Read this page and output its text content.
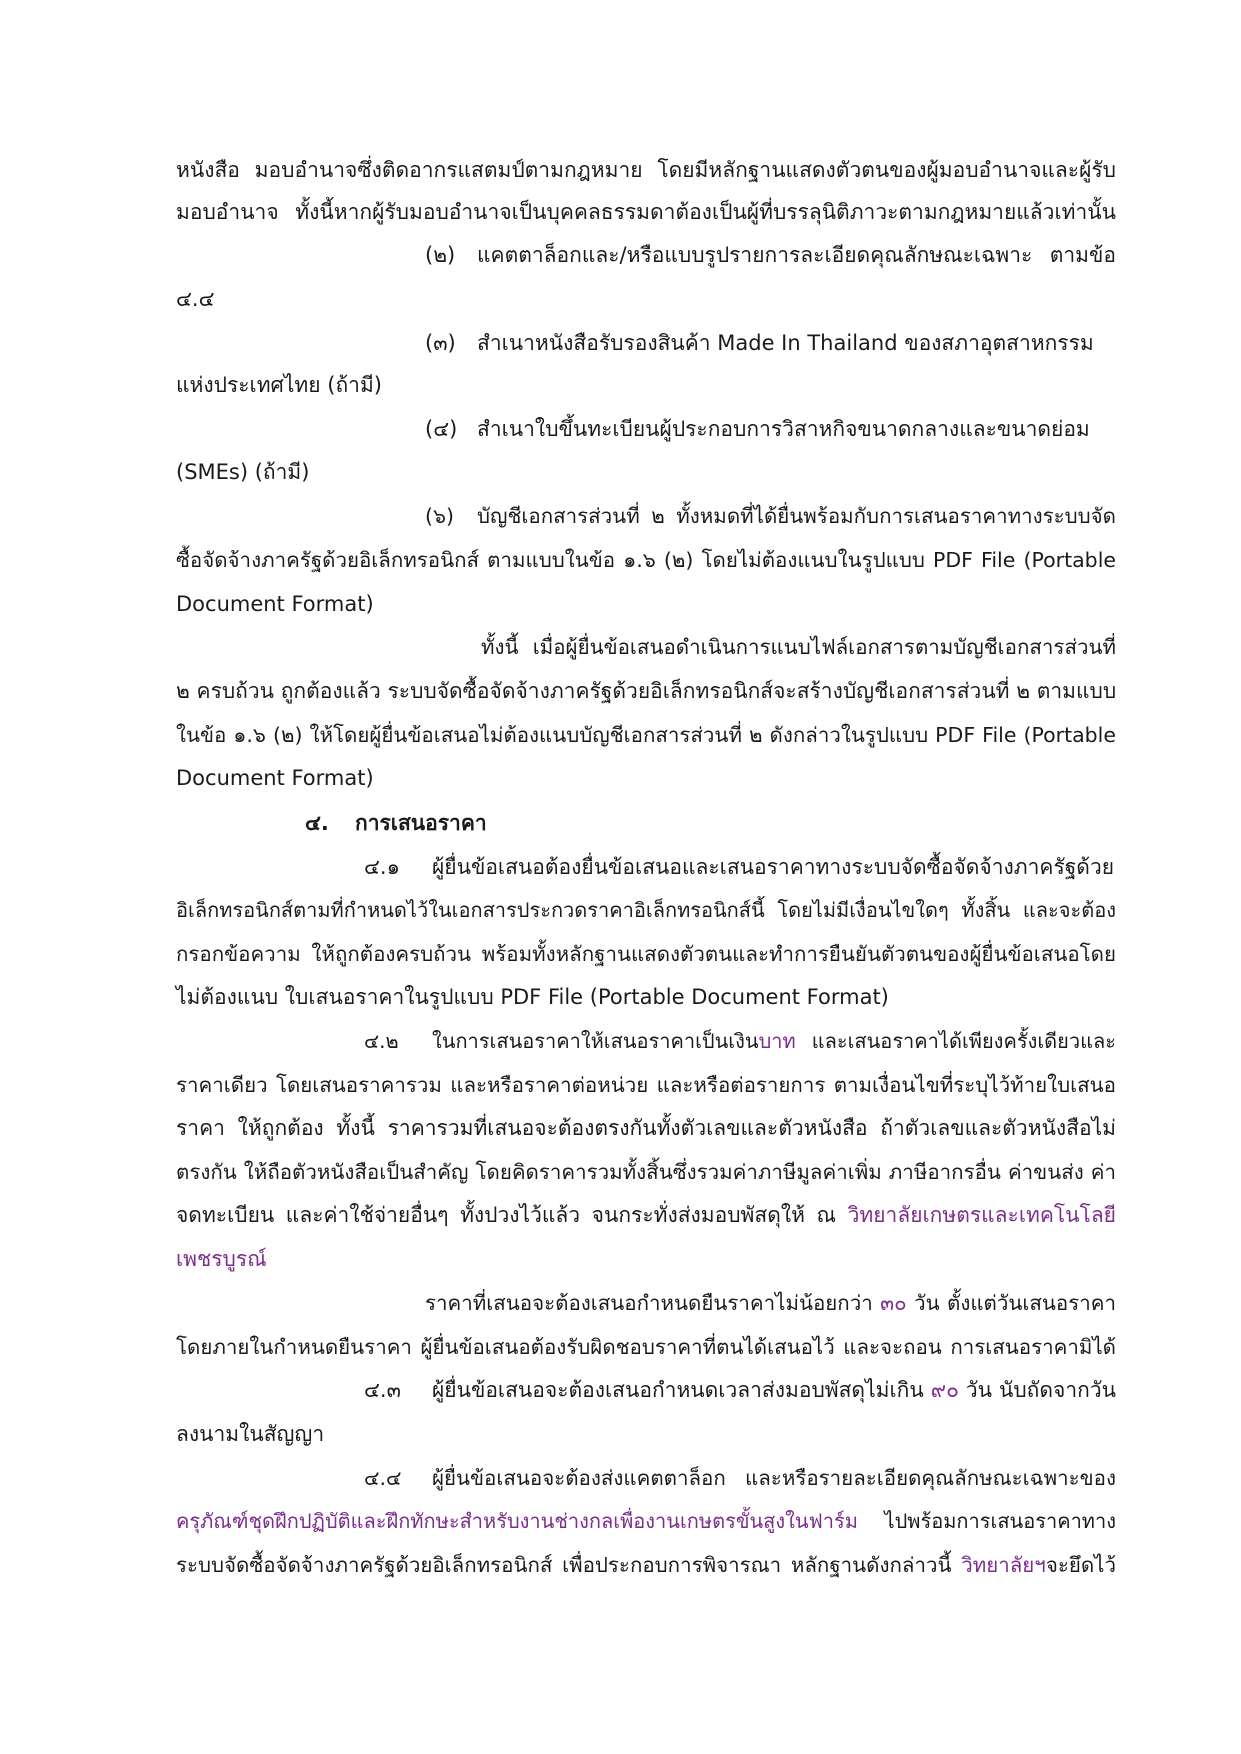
หนังสือ มอบอำนาจซึ่งติดอากรแสตมป์ตามกฎหมาย โดยมีหลักฐานแสดงตัวตนของผู้มอบอำนาจและผู้รับ
มอบอำนาจ ทั้งนี้หากผู้รับมอบอำนาจเป็นบุคคลธรรมดาต้องเป็นผู้ที่บรรลุนิติภาวะตามกฎหมายแล้วเท่านั้น
(๒) แคตตาล็อกและ/หรือแบบรูปรายการละเอียดคุณลักษณะเฉพาะ ตามข้อ
๔.๔
(๓) สำเนาหนังสือรับรองสินค้า Made In Thailand ของสภาอุตสาหกรรม
แห่งประเทศไทย (ถ้ามี)
(๔) สำเนาใบขึ้นทะเบียนผู้ประกอบการวิสาหกิจขนาดกลางและขนาดย่อม
(SMEs) (ถ้ามี)
(๖) บัญชีเอกสารส่วนที่ ๒ ทั้งหมดที่ได้ยื่นพร้อมกับการเสนอราคาทางระบบจัด
ซื้อจัดจ้างภาครัฐด้วยอิเล็กทรอนิกส์ ตามแบบในข้อ ๑.๖ (๒) โดยไม่ต้องแนบในรูปแบบ PDF File (Portable
Document Format)
ทั้งนี้ เมื่อผู้ยื่นข้อเสนอดำเนินการแนบไฟล์เอกสารตามบัญชีเอกสารส่วนที่
๒ ครบถ้วน ถูกต้องแล้ว ระบบจัดซื้อจัดจ้างภาครัฐด้วยอิเล็กทรอนิกส์จะสร้างบัญชีเอกสารส่วนที่ ๒ ตามแบบ
ในข้อ ๑.๖ (๒) ให้โดยผู้ยื่นข้อเสนอไม่ต้องแนบบัญชีเอกสารส่วนที่ ๒ ดังกล่าวในรูปแบบ PDF File (Portable
Document Format)
๔. การเสนอราคา
๔.๑ ผู้ยื่นข้อเสนอต้องยื่นข้อเสนอและเสนอราคาทางระบบจัดซื้อจัดจ้างภาครัฐด้วย
อิเล็กทรอนิกส์ตามที่กำหนดไว้ในเอกสารประกวดราคาอิเล็กทรอนิกส์นี้ โดยไม่มีเงื่อนไขใดๆ ทั้งสิ้น และจะต้อง
กรอกข้อความ ให้ถูกต้องครบถ้วน พร้อมทั้งหลักฐานแสดงตัวตนและทำการยืนยันตัวตนของผู้ยื่นข้อเสนอโดย
ไม่ต้องแนบ ใบเสนอราคาในรูปแบบ PDF File (Portable Document Format)
๔.๒ ในการเสนอราคาให้เสนอราคาเป็นเงินบาท และเสนอราคาได้เพียงครั้งเดียวและ
ราคาเดียว โดยเสนอราคารวม และหรือราคาต่อหน่วย และหรือต่อรายการ ตามเงื่อนไขที่ระบุไว้ท้ายใบเสนอ
ราคา ให้ถูกต้อง ทั้งนี้ ราคารวมที่เสนอจะต้องตรงกันทั้งตัวเลขและตัวหนังสือ ถ้าตัวเลขและตัวหนังสือไม่
ตรงกัน ให้ถือตัวหนังสือเป็นสำคัญ โดยคิดราคารวมทั้งสิ้นซึ่งรวมค่าภาษีมูลค่าเพิ่ม ภาษีอากรอื่น ค่าขนส่ง ค่า
จดทะเบียน และค่าใช้จ่ายอื่นๆ ทั้งปวงไว้แล้ว จนกระทั่งส่งมอบพัสดุให้ ณ วิทยาลัยเกษตรและเทคโนโลยี
เพชรบูรณ์
ราคาที่เสนอจะต้องเสนอกำหนดยืนราคาไม่น้อยกว่า ๓๐ วัน ตั้งแต่วันเสนอราคา
โดยภายในกำหนดยืนราคา ผู้ยื่นข้อเสนอต้องรับผิดชอบราคาที่ตนได้เสนอไว้ และจะถอน การเสนอราคามิได้
๔.๓ ผู้ยื่นข้อเสนอจะต้องเสนอกำหนดเวลาส่งมอบพัสดุไม่เกิน ๙๐ วัน นับถัดจากวัน
ลงนามในสัญญา
๔.๔ ผู้ยื่นข้อเสนอจะต้องส่งแคตตาล็อก และหรือรายละเอียดคุณลักษณะเฉพาะของ
ครุภัณฑ์ชุดฝึกปฏิบัติและฝึกทักษะสำหรับงานช่างกลเพื่องานเกษตรขั้นสูงในฟาร์ม ไปพร้อมการเสนอราคาทาง
ระบบจัดซื้อจัดจ้างภาครัฐด้วยอิเล็กทรอนิกส์ เพื่อประกอบการพิจารณา หลักฐานดังกล่าวนี้ วิทยาลัยฯจะยึดไว้
